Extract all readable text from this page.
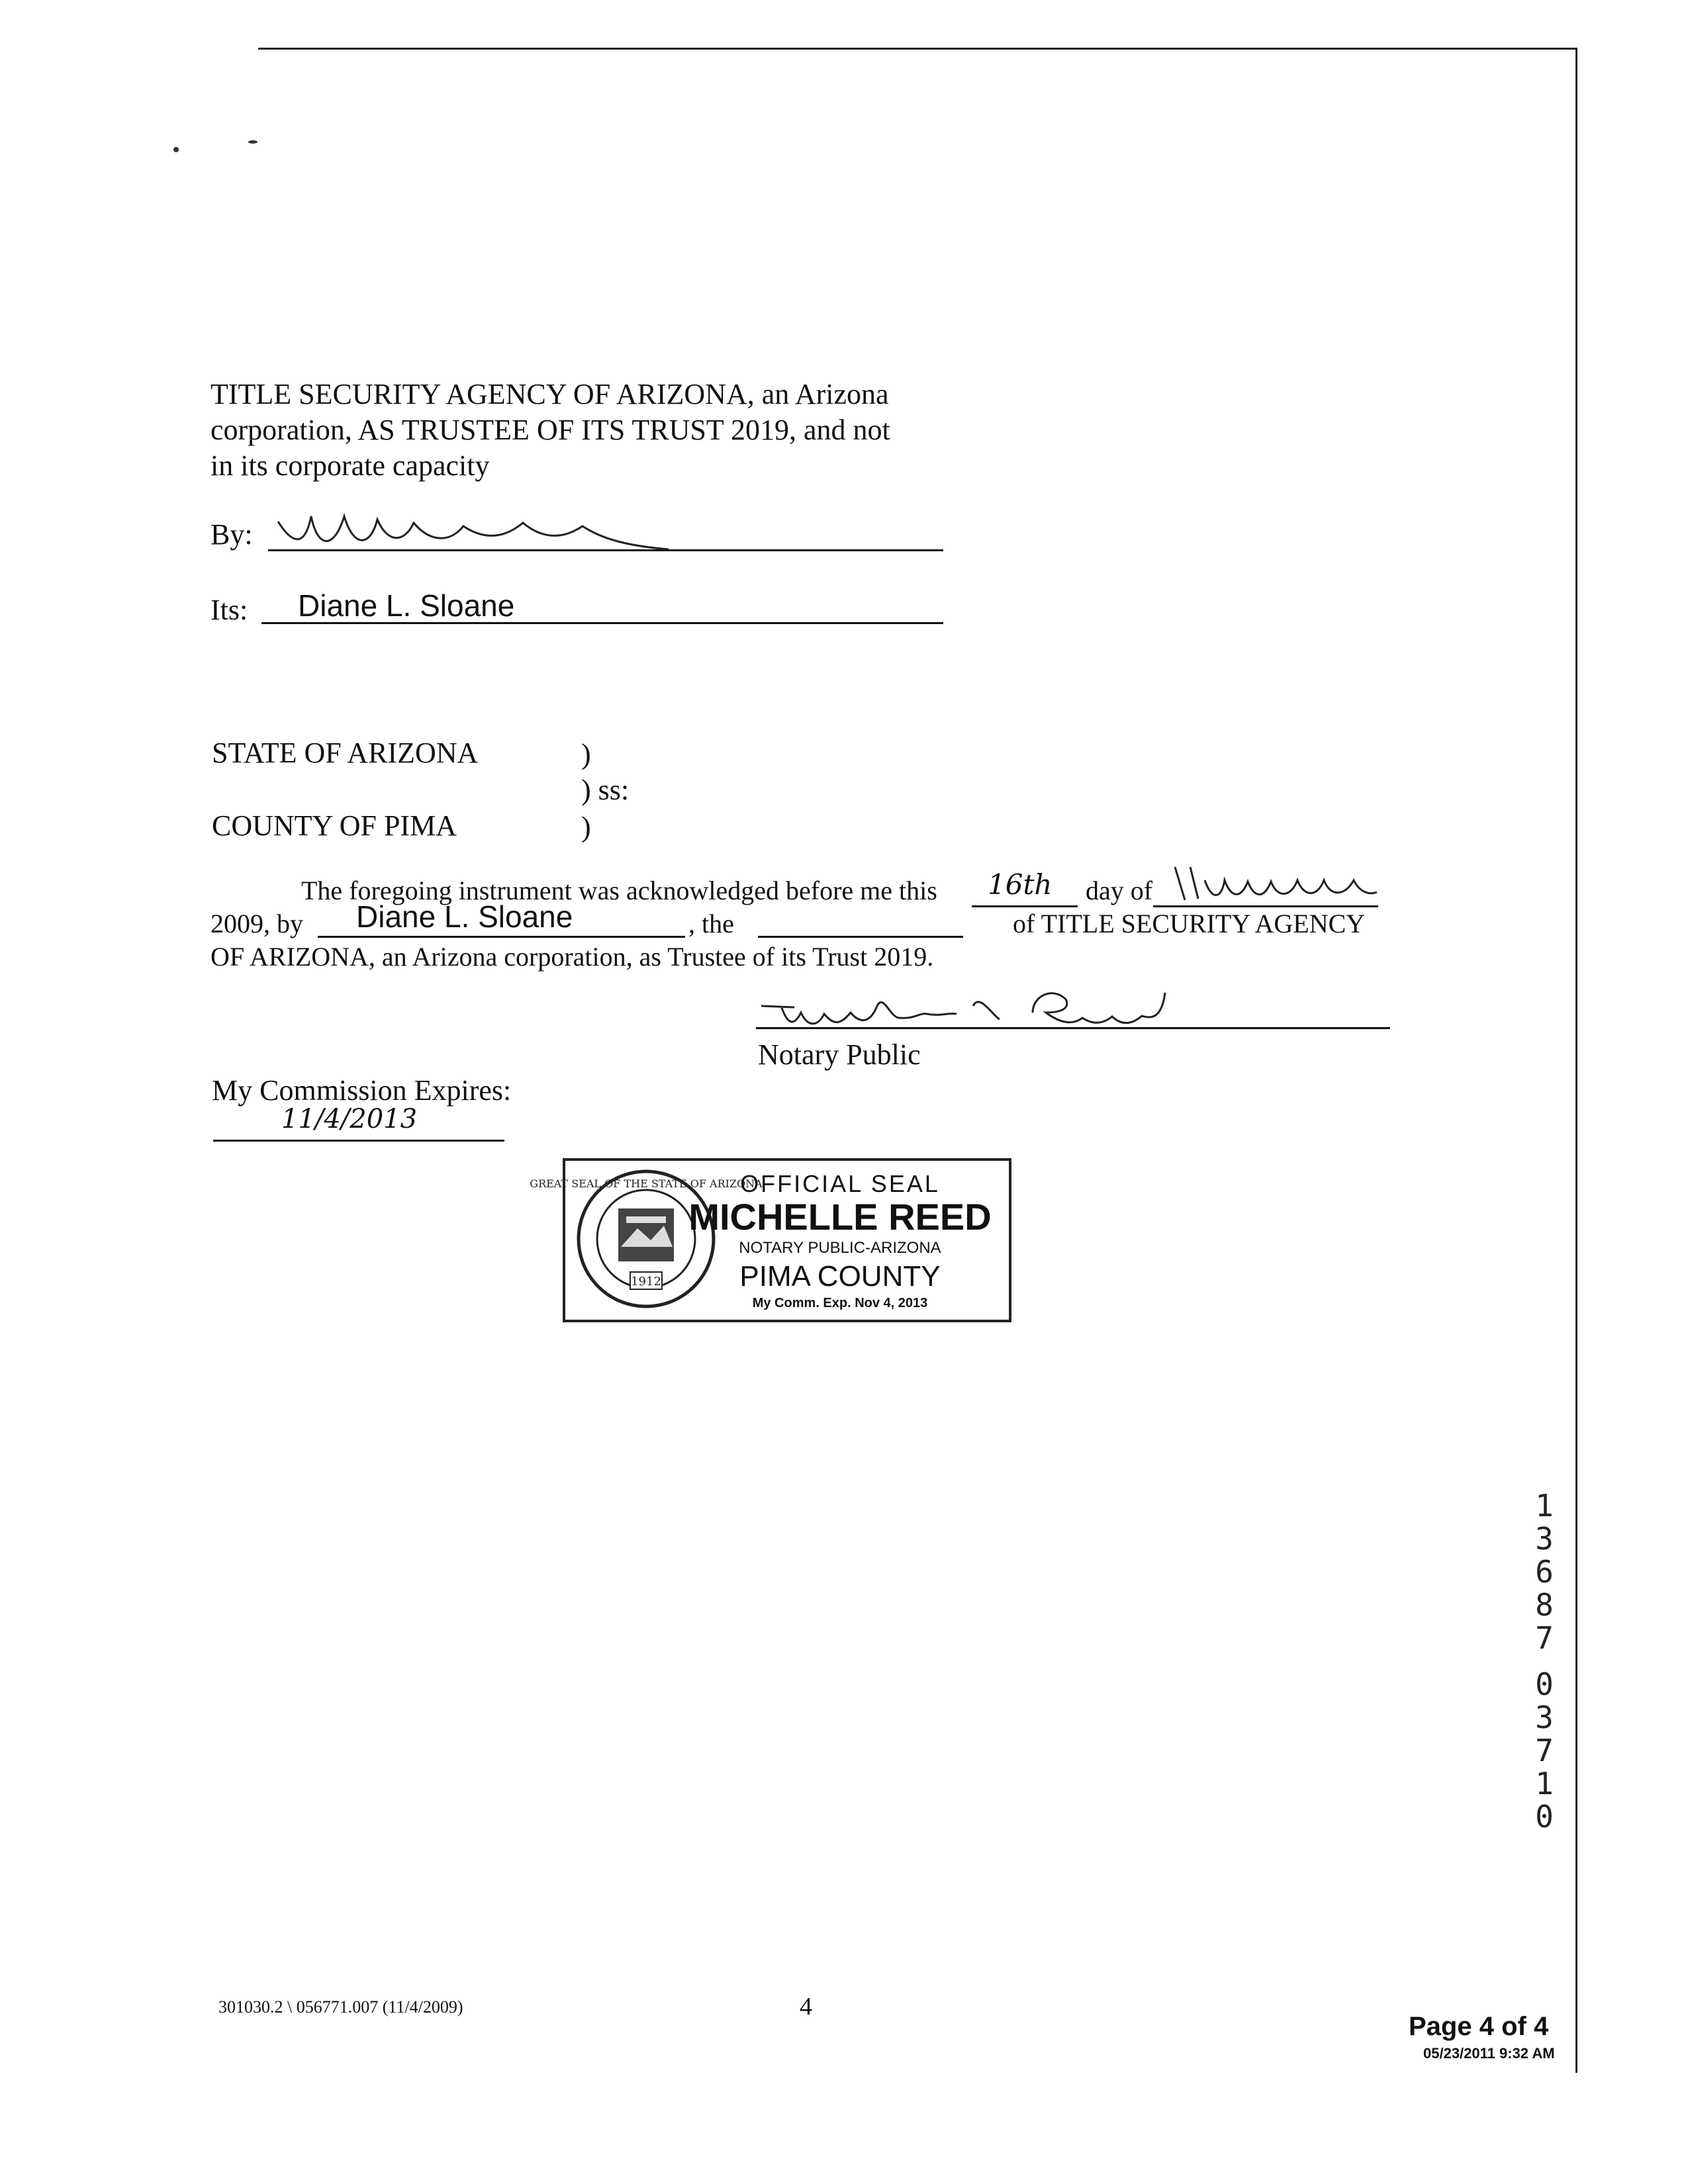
TITLE SECURITY AGENCY OF ARIZONA, an Arizona
corporation, AS TRUSTEE OF ITS TRUST 2019, and not
in its corporate capacity
By:
Its: Diane L. Sloane
STATE OF ARIZONA	)
) ss:
COUNTY OF PIMA	)
The foregoing instrument was acknowledged before me this 16th day of
2009, by Diane L. Sloane	, the	of TITLE SECURITY AGENCY
OF ARIZONA, an Arizona corporation, as Trustee of its Trust 2019.
Notary Public
My Commission Expires:
11/4/2013
1912
GREAT SEAL OF THE STATE OF ARIZONA
OFFICIAL SEAL
MICHELLE REED
NOTARY PUBLIC-ARIZONA
PIMA COUNTY
My Comm. Exp. Nov 4, 2013
1
3
6
8
7
0
3
7
1
0
301030.2 \ 056771.007 (11/4/2009)	4
Page 4 of 4
05/23/2011 9:32 AM
